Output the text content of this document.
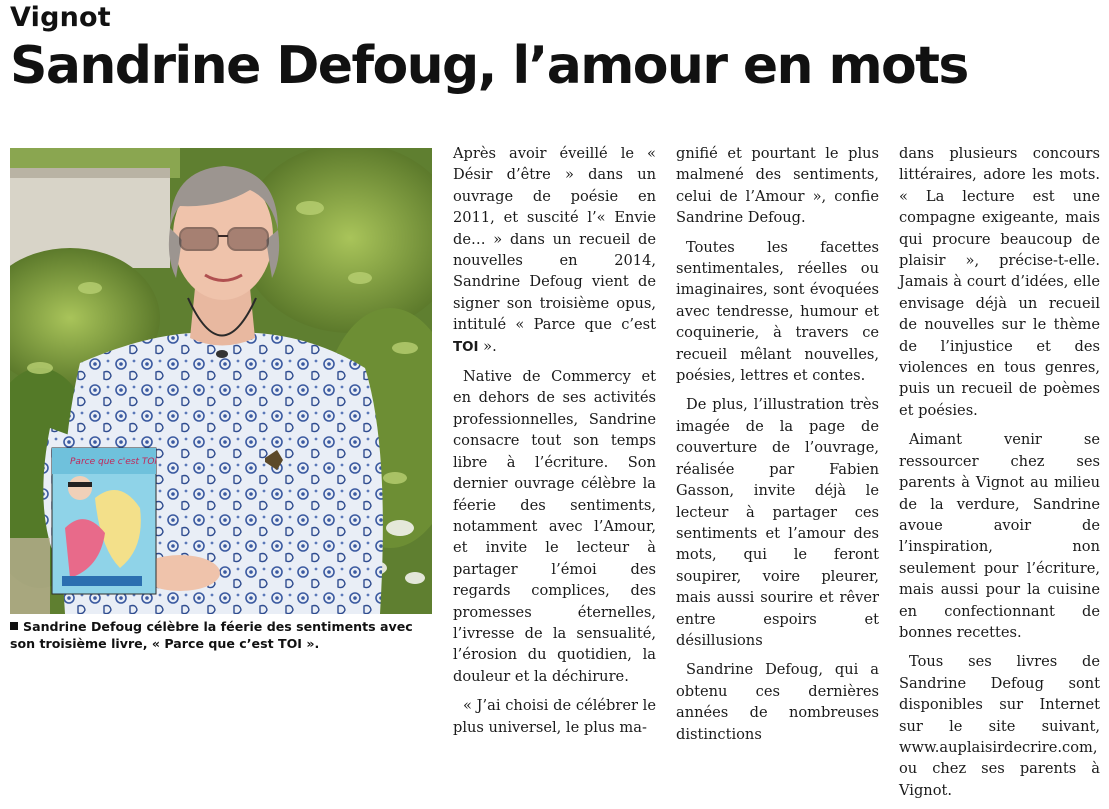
Vignot
Sandrine Defoug, l’amour en mots
Parce que c'est TOI
Sandrine Defoug célèbre la féerie des sentiments avec son troisième livre, « Parce que c’est TOI ».

Après avoir éveillé le « Désir d’être » dans un ouvrage de poésie en 2011, et suscité l’« Envie de… » dans un recueil de nouvelles en 2014, Sandrine Defoug vient de signer son troisième opus, intitulé « Parce que c’est TOI ».

Native de Commercy et en dehors de ses activités professionnelles, Sandrine consacre tout son temps libre à l’écriture. Son dernier ouvrage célèbre la féerie des sentiments, notamment avec l’Amour, et invite le lecteur à partager l’émoi des regards complices, des promesses éternelles, l’ivresse de la sensualité, l’érosion du quotidien, la douleur et la déchirure.

« J’ai choisi de célébrer le plus universel, le plus ma-

gnifié et pourtant le plus malmené des sentiments, celui de l’Amour », confie Sandrine Defoug.

Toutes les facettes sentimentales, réelles ou imaginaires, sont évoquées avec tendresse, humour et coquinerie, à travers ce recueil mêlant nouvelles, poésies, lettres et contes.

De plus, l’illustration très imagée de la page de couverture de l’ouvrage, réalisée par Fabien Gasson, invite déjà le lecteur à partager ces sentiments et l’amour des mots, qui le feront soupirer, voire pleurer, mais aussi sourire et rêver entre espoirs et désillusions

Sandrine Defoug, qui a obtenu ces dernières années de nombreuses distinctions

dans plusieurs concours littéraires, adore les mots. « La lecture est une compagne exigeante, mais qui procure beaucoup de plaisir », précise-t-elle. Jamais à court d’idées, elle envisage déjà un recueil de nouvelles sur le thème de l’injustice et des violences en tous genres, puis un recueil de poèmes et poésies.

Aimant venir se ressourcer chez ses parents à Vignot au milieu de la verdure, Sandrine avoue avoir de l’inspiration, non seulement pour l’écriture, mais aussi pour la cuisine en confectionnant de bonnes recettes.

Tous ses livres de Sandrine Defoug sont disponibles sur Internet sur le site suivant, www.auplaisirdecrire.com, ou chez ses parents à Vignot.
